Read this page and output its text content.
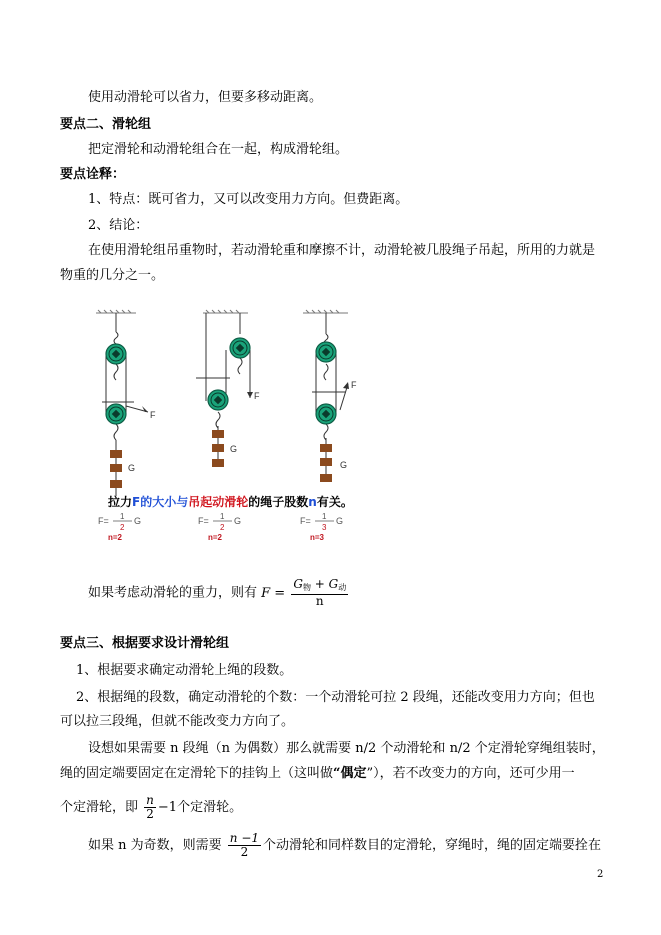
使用动滑轮可以省力，但要多移动距离。
要点二、滑轮组
把定滑轮和动滑轮组合在一起，构成滑轮组。
要点诠释：
1、特点：既可省力，又可以改变用力方向。但费距离。
2、结论：
在使用滑轮组吊重物时，若动滑轮重和摩擦不计，动滑轮被几股绳子吊起，所用的力就是
物重的几分之一。
F
G
F
G
F
G
拉力F的大小与吊起动滑轮的绳子股数n有关。
F= 1
2
G
n=2
F= 1
2
G
n=2
F= 1
3
G
n=3
如果考虑动滑轮的重力，则有 $F = \frac{G_物 + G_动}{n}$
要点三、根据要求设计滑轮组
1、根据要求确定动滑轮上绳的段数。
2、根据绳的段数，确定动滑轮的个数：一个动滑轮可拉 2 段绳，还能改变用力方向；但也
可以拉三段绳，但就不能改变力方向了。
设想如果需要 n 段绳（n 为偶数）那么就需要 n/2 个动滑轮和 n/2 个定滑轮穿绳组装时，
绳的固定端要固定在定滑轮下的挂钩上（这叫做“偶定”），若不改变力的方向，还可少用一
个定滑轮，即 $\frac{n}{2} -1$个定滑轮。
如果 n 为奇数，则需要 $\frac{n -1}{2}$ 个动滑轮和同样数目的定滑轮，穿绳时，绳的固定端要拴在
2
